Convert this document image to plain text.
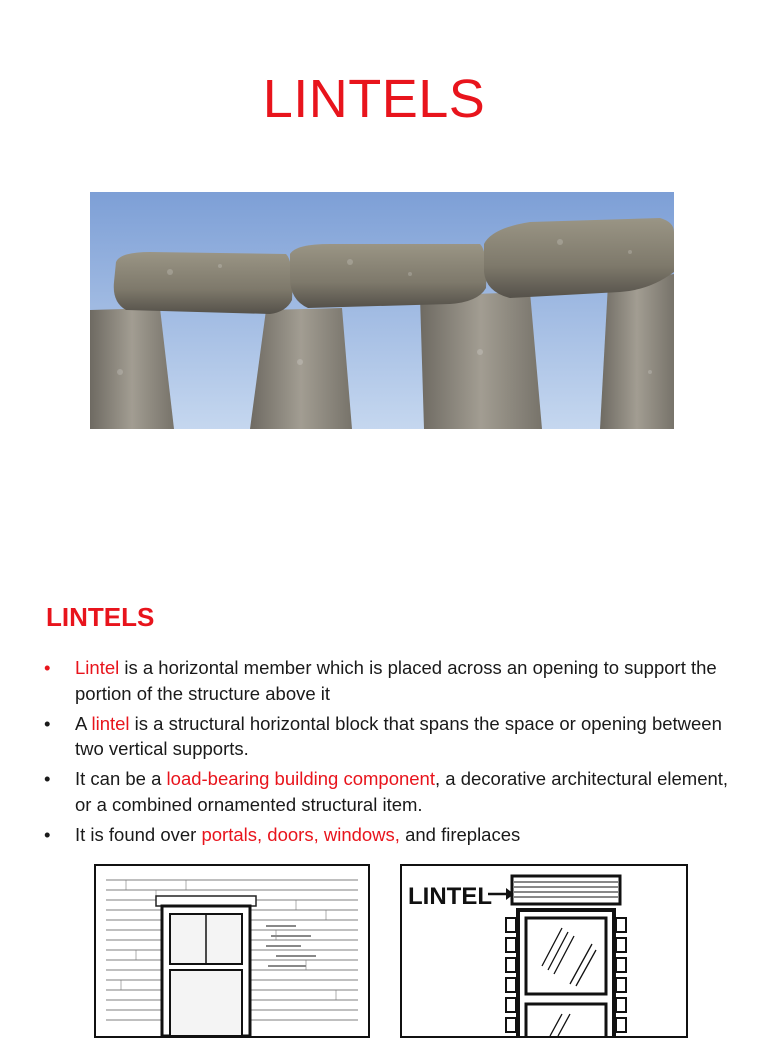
LINTELS
LINTELS
• Lintel is a horizontal member which is placed across an opening to support the portion of the structure above it
• A lintel is a structural horizontal block that spans the space or opening between two vertical supports.
• It can be a load-bearing building component, a decorative architectural element, or a combined ornamented structural item.
• It is found over portals, doors, windows, and fireplaces
LINTEL
